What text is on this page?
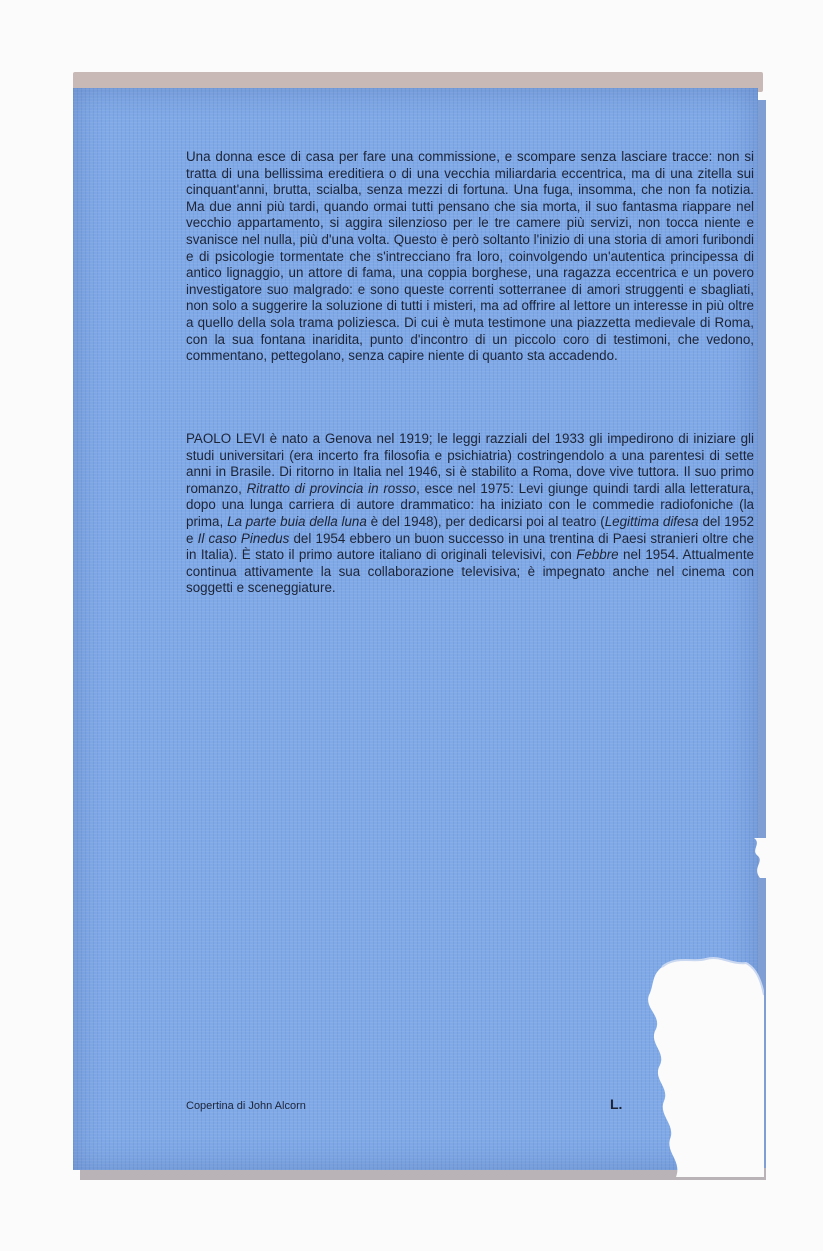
Una donna esce di casa per fare una commissione, e scompare senza lasciare tracce: non si tratta di una bellissima ereditiera o di una vecchia miliardaria eccentrica, ma di una zitella sui cinquant'anni, brutta, scialba, senza mezzi di fortuna. Una fuga, insomma, che non fa notizia. Ma due anni più tardi, quando ormai tutti pensano che sia morta, il suo fantasma riappare nel vecchio appartamento, si aggira silenzioso per le tre camere più servizi, non tocca niente e svanisce nel nulla, più d'una volta. Questo è però soltanto l'inizio di una storia di amori furibondi e di psicologie tormentate che s'intrecciano fra loro, coinvolgendo un'autentica principessa di antico lignaggio, un attore di fama, una coppia borghese, una ragazza eccentrica e un povero investigatore suo malgrado: e sono queste correnti sotterranee di amori struggenti e sbagliati, non solo a suggerire la soluzione di tutti i misteri, ma ad offrire al lettore un interesse in più oltre a quello della sola trama poliziesca. Di cui è muta testimone una piazzetta medievale di Roma, con la sua fontana inaridita, punto d'incontro di un piccolo coro di testimoni, che vedono, commentano, pettegolano, senza capire niente di quanto sta accadendo.

PAOLO LEVI è nato a Genova nel 1919; le leggi razziali del 1933 gli impedirono di iniziare gli studi universitari (era incerto fra filosofia e psichiatria) costringendolo a una parentesi di sette anni in Brasile. Di ritorno in Italia nel 1946, si è stabilito a Roma, dove vive tuttora. Il suo primo romanzo, Ritratto di provincia in rosso, esce nel 1975: Levi giunge quindi tardi alla letteratura, dopo una lunga carriera di autore drammatico: ha iniziato con le commedie radiofoniche (la prima, La parte buia della luna è del 1948), per dedicarsi poi al teatro (Legittima difesa del 1952 e Il caso Pinedus del 1954 ebbero un buon successo in una trentina di Paesi stranieri oltre che in Italia). È stato il primo autore italiano di originali televisivi, con Febbre nel 1954. Attualmente continua attivamente la sua collaborazione televisiva; è impegnato anche nel cinema con soggetti e sceneggiature.

Copertina di John Alcorn	L.
